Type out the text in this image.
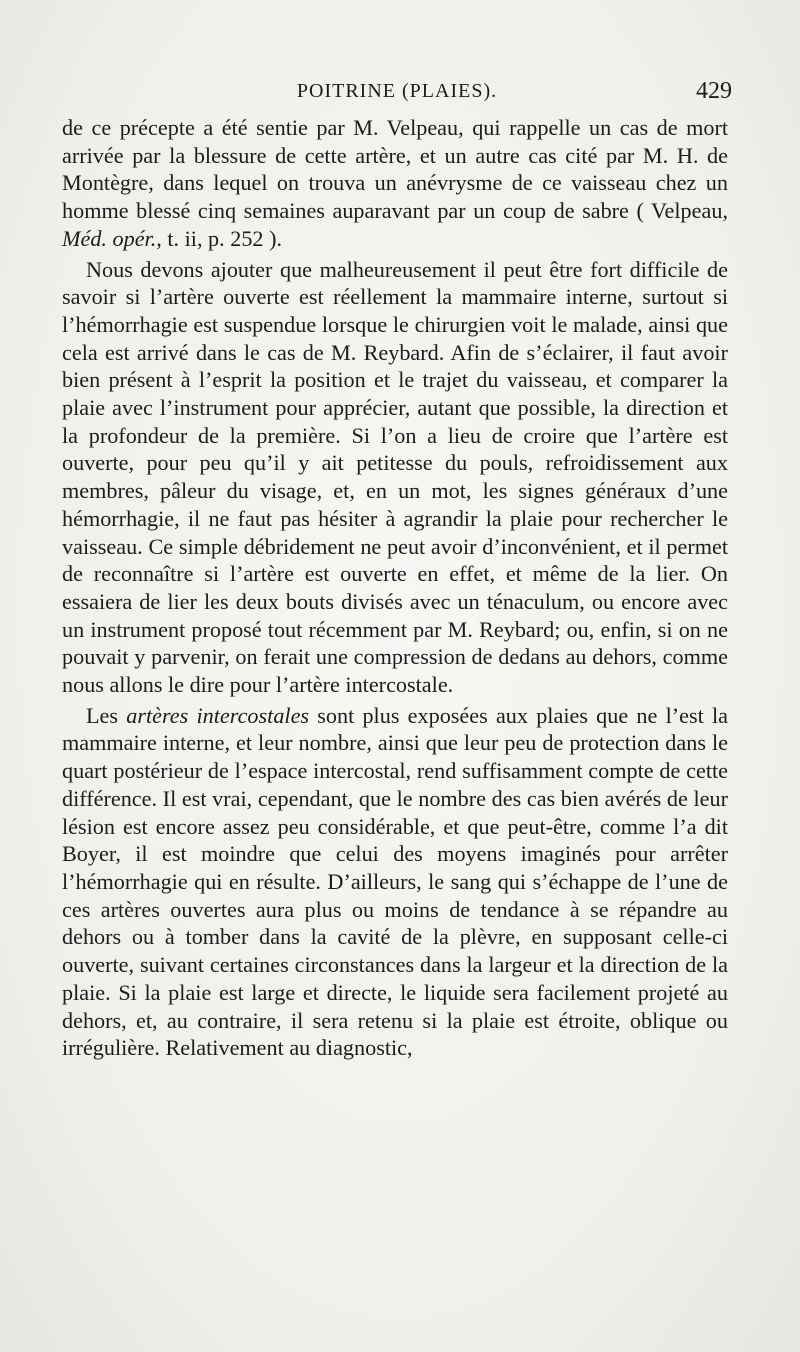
POITRINE (PLAIES).	429

de ce précepte a été sentie par M. Velpeau, qui rappelle un cas de mort arrivée par la blessure de cette artère, et un autre cas cité par M. H. de Montègre, dans lequel on trouva un anévrysme de ce vaisseau chez un homme blessé cinq semaines auparavant par un coup de sabre ( Velpeau, Méd. opér., t. ii, p. 252 ).

Nous devons ajouter que malheureusement il peut être fort difficile de savoir si l’artère ouverte est réellement la mammaire interne, surtout si l’hémorrhagie est suspendue lorsque le chirurgien voit le malade, ainsi que cela est arrivé dans le cas de M. Reybard. Afin de s’éclairer, il faut avoir bien présent à l’esprit la position et le trajet du vaisseau, et comparer la plaie avec l’instrument pour apprécier, autant que possible, la direction et la profondeur de la première. Si l’on a lieu de croire que l’artère est ouverte, pour peu qu’il y ait petitesse du pouls, refroidissement aux membres, pâleur du visage, et, en un mot, les signes généraux d’une hémorrhagie, il ne faut pas hésiter à agrandir la plaie pour rechercher le vaisseau. Ce simple débridement ne peut avoir d’inconvénient, et il permet de reconnaître si l’artère est ouverte en effet, et même de la lier. On essaiera de lier les deux bouts divisés avec un ténaculum, ou encore avec un instrument proposé tout récemment par M. Reybard; ou, enfin, si on ne pouvait y parvenir, on ferait une compression de dedans au dehors, comme nous allons le dire pour l’artère intercostale.

Les artères intercostales sont plus exposées aux plaies que ne l’est la mammaire interne, et leur nombre, ainsi que leur peu de protection dans le quart postérieur de l’espace intercostal, rend suffisamment compte de cette différence. Il est vrai, cependant, que le nombre des cas bien avérés de leur lésion est encore assez peu considérable, et que peut-être, comme l’a dit Boyer, il est moindre que celui des moyens imaginés pour arrêter l’hémorrhagie qui en résulte. D’ailleurs, le sang qui s’échappe de l’une de ces artères ouvertes aura plus ou moins de tendance à se répandre au dehors ou à tomber dans la cavité de la plèvre, en supposant celle-ci ouverte, suivant certaines circonstances dans la largeur et la direction de la plaie. Si la plaie est large et directe, le liquide sera facilement projeté au dehors, et, au contraire, il sera retenu si la plaie est étroite, oblique ou irrégulière. Relativement au diagnostic,
